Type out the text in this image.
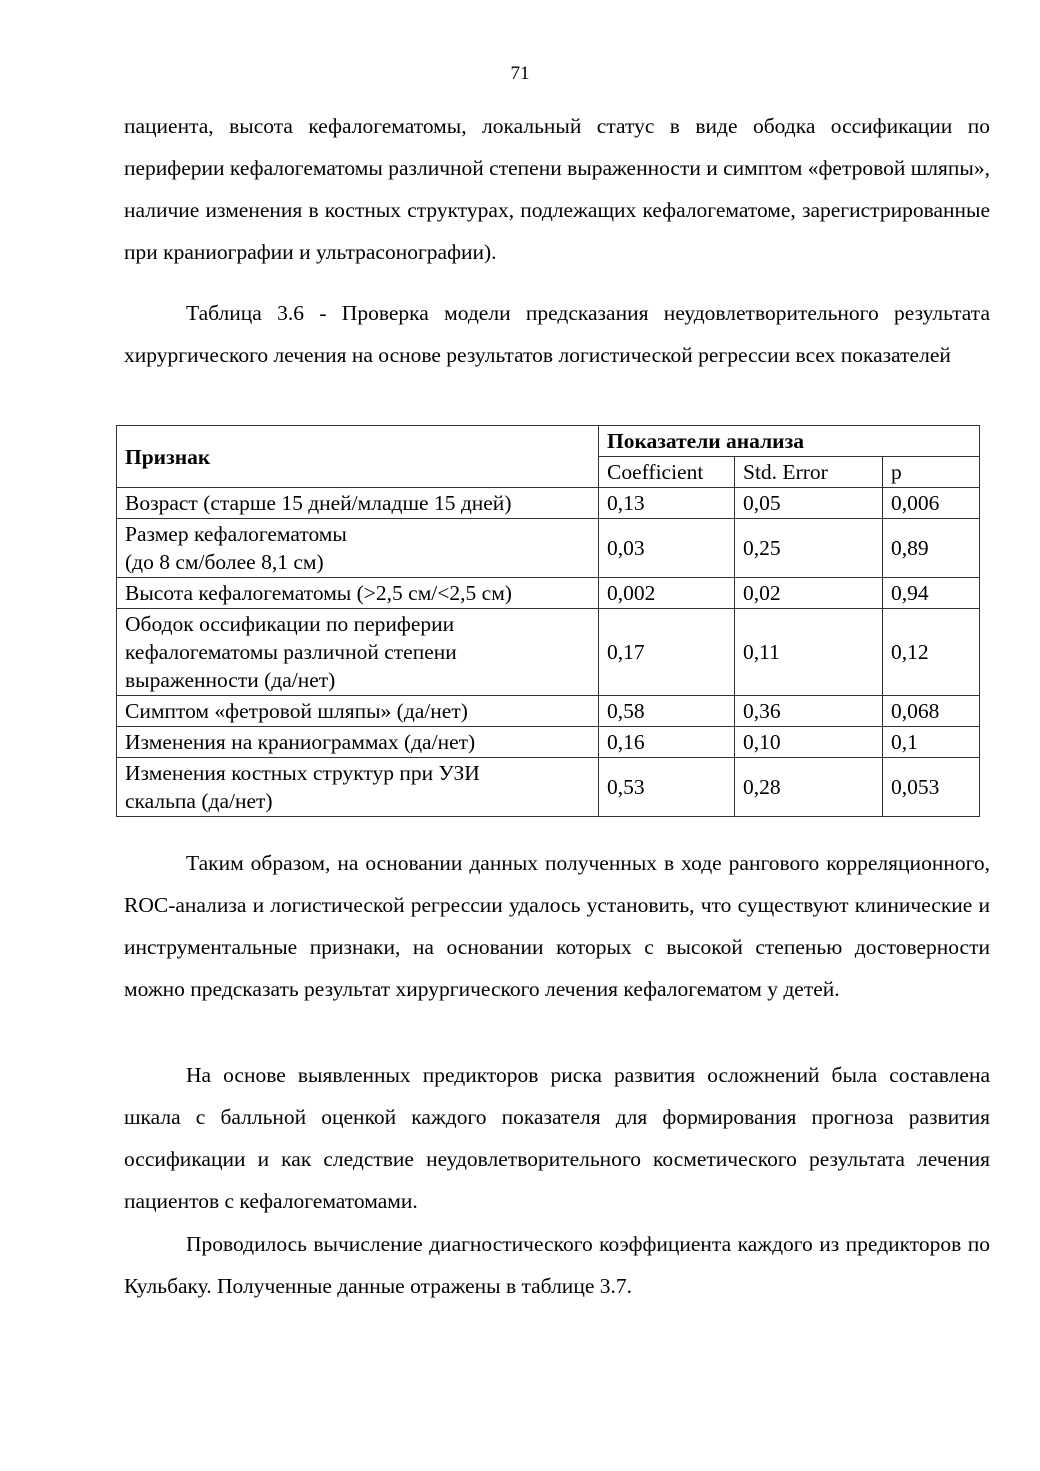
71

пациента, высота кефалогематомы, локальный статус в виде ободка оссификации по периферии кефалогематомы различной степени выраженности и симптом «фетровой шляпы», наличие изменения в костных структурах, подлежащих кефалогематоме, зарегистрированные при краниографии и ультрасонографии).

Таблица 3.6 - Проверка модели предсказания неудовлетворительного результата хирургического лечения на основе результатов логистической регрессии всех показателей

Признак	Показатели анализа		
	Coefficient	Std. Error	p
Возраст (старше 15 дней/младше 15 дней)	0,13	0,05	0,006
Размер кефалогематомы
(до 8 см/более 8,1 см)	0,03	0,25	0,89
Высота кефалогематомы (>2,5 см/<2,5 см)	0,002	0,02	0,94
Ободок оссификации по периферии
кефалогематомы различной степени
выраженности (да/нет)	0,17	0,11	0,12
Симптом «фетровой шляпы» (да/нет)	0,58	0,36	0,068
Изменения на краниограммах (да/нет)	0,16	0,10	0,1
Изменения костных структур при УЗИ
скальпа (да/нет)	0,53	0,28	0,053

Таким образом, на основании данных полученных в ходе рангового корреляционного, ROC-анализа и логистической регрессии удалось установить, что существуют клинические и инструментальные признаки, на основании которых с высокой степенью достоверности можно предсказать результат хирургического лечения кефалогематом у детей.

На основе выявленных предикторов риска развития осложнений была составлена шкала с балльной оценкой каждого показателя для формирования прогноза развития оссификации и как следствие неудовлетворительного косметического результата лечения пациентов с кефалогематомами.

Проводилось вычисление диагностического коэффициента каждого из предикторов по Кульбаку. Полученные данные отражены в таблице 3.7.
